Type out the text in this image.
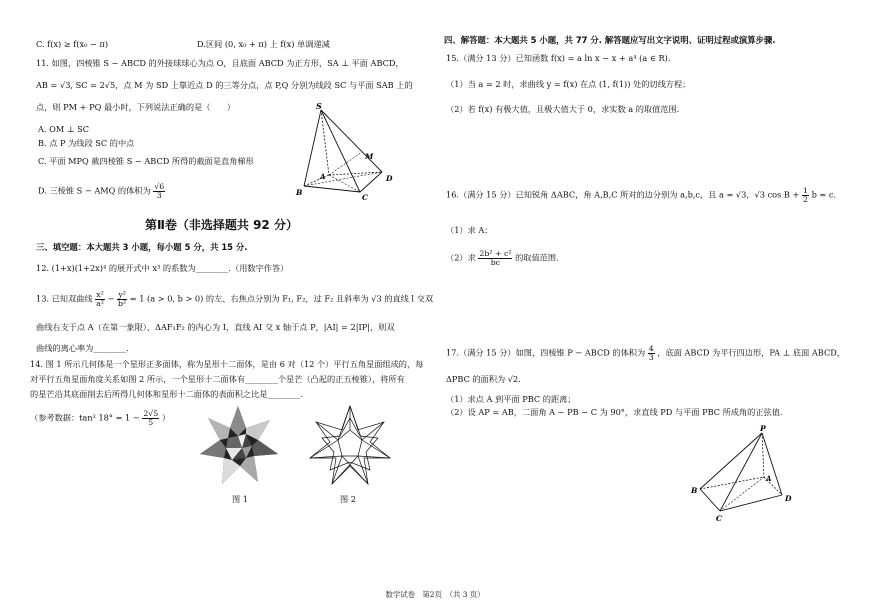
C. f(x) ≥ f(x₀ − π)	D.区间 (0, x₀ + π) 上 f(x) 单调递减
11. 如图，四棱锥 S − ABCD 的外接球球心为点 O，且底面 ABCD 为正方形，SA ⊥ 平面 ABCD，
AB = √3, SC = 2√5，点 M 为 SD 上靠近点 D 的三等分点，点 P,Q 分别为线段 SC 与平面 SAB 上的
点，则 PM + PQ 最小时，下列说法正确的是（　　）
A. OM ⊥ SC
B. 点 P 为线段 SC 的中点
C. 平面 MPQ 截四棱锥 S − ABCD 所得的截面是直角梯形
D. 三棱锥 S − AMQ 的体积为 $\frac{√6}{3}$
S
M
A	D
B
C
第Ⅱ卷（非选择题共 92 分）
三、填空题：本大题共 3 小题，每小题 5 分，共 15 分.
12. (1+x)(1+2x)⁴ 的展开式中 x³ 的系数为________.（用数字作答）
13. 已知双曲线 $\frac{\text{x²}}{\text{a²}} - \frac{\text{y²}}{\text{b²}} = 1$ (a > 0, b > 0) 的左、右焦点分别为 F₁, F₂，过 F₂ 且斜率为 √3 的直线 l 交双
曲线右支于点 A（在第一象限），ΔAF₁F₂ 的内心为 I，直线 AI 交 x 轴于点 P，|AI| = 2|IP|，则双
曲线的离心率为________.
14. 图 1 所示几何体是一个星形正多面体，称为星形十二面体，是由 6 对（12 个）平行五角星面组成的，每
对平行五角星面角度关系如图 2 所示，一个星形十二面体有________个星芒（凸起的正五棱锥），将所有
的星芒沿其底面削去后所得几何体和星形十二面体的表面积之比是________.
（参考数据：tan² $18^\circ = 1 - \frac{2√5}{5}$ ）
图 1	图 2
四、解答题：本大题共 5 小题，共 77 分. 解答题应写出文字说明、证明过程或演算步骤.
15.（满分 13 分）已知函数 f(x) = a ln x − x + a⁴ (a ∈ R).
（1）当 a = 2 时，求曲线 y = f(x) 在点 (1, f(1)) 处的切线方程；
（2）若 f(x) 有极大值，且极大值大于 0，求实数 a 的取值范围.
16.（满分 15 分）已知锐角 ΔABC，角 A,B,C 所对的边分别为 a,b,c，且 a = √3，√3 $\cos B + \frac{1}{2}$ b = c.
（1）求 A；
（2）求 $\frac{\text{2b² + c²}}{bc}$ 的取值范围.
17.（满分 15 分）如图，四棱锥 P − ABCD 的体积为 $\frac{4}{3}$ ，底面 ABCD 为平行四边形，PA ⊥ 底面 ABCD，
ΔPBC 的面积为 √2.
（1）求点 A 到平面 PBC 的距离；
（2）设 AP = AB，二面角 A − PB − C 为 90°，求直线 PD 与平面 PBC 所成角的正弦值.
P
A
B
C
D
数学试卷　第2页　（共 3 页）
